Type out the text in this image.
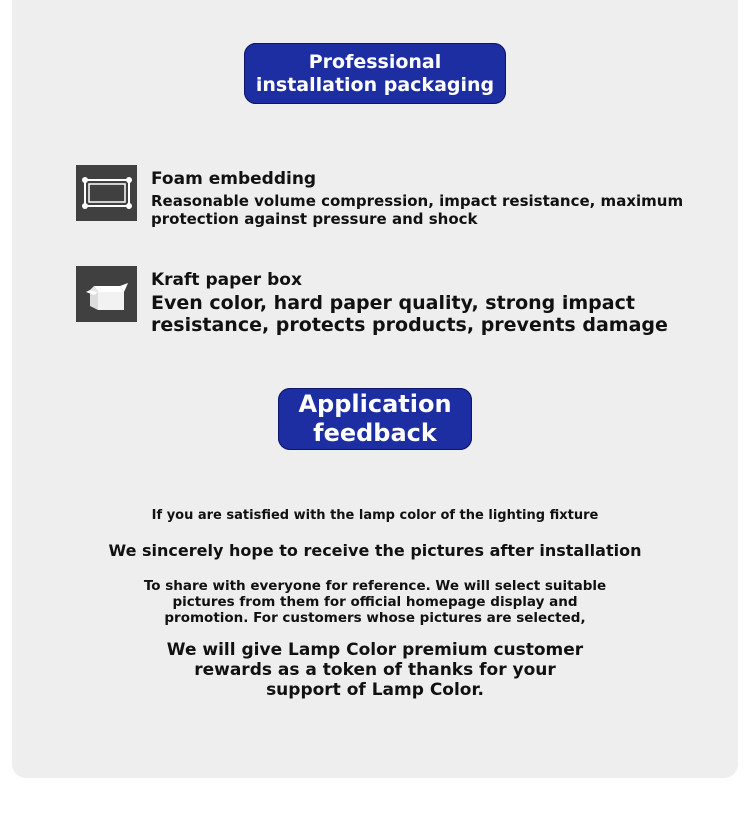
Professional
installation packaging
Foam embedding
Reasonable volume compression, impact resistance, maximum protection against pressure and shock
Kraft paper box
Even color, hard paper quality, strong impact resistance, protects products, prevents damage
Application
feedback
If you are satisfied with the lamp color of the lighting fixture
We sincerely hope to receive the pictures after installation
To share with everyone for reference. We will select suitable
pictures from them for official homepage display and
promotion. For customers whose pictures are selected,
We will give Lamp Color premium customer
rewards as a token of thanks for your
support of Lamp Color.
